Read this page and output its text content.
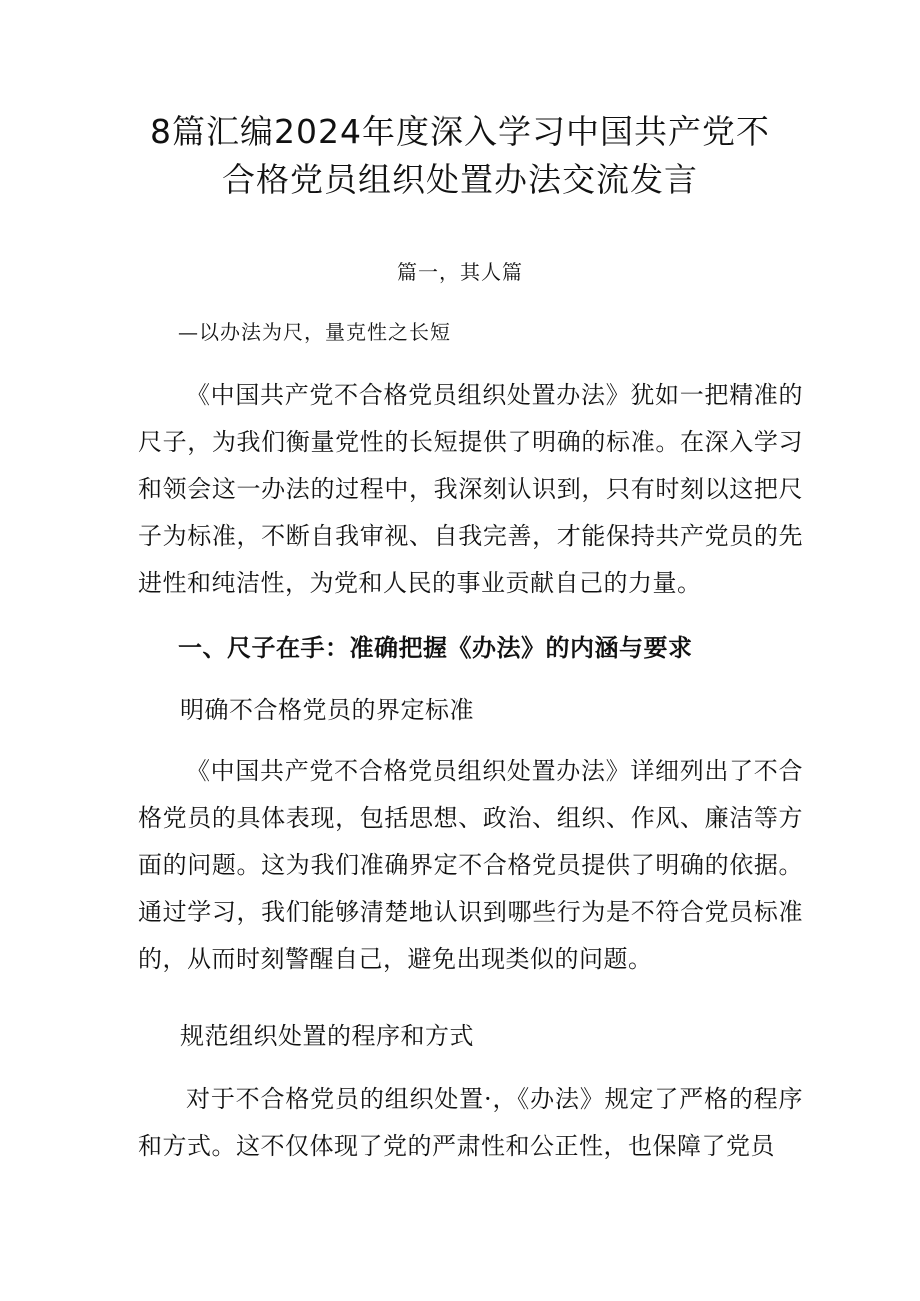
8篇汇编2024年度深入学习中国共产党不
合格党员组织处置办法交流发言

篇一，其人篇

—以办法为尺，量克性之长短

《中国共产党不合格党员组织处置办法》犹如一把精准的尺子，为我们衡量党性的长短提供了明确的标准。在深入学习和领会这一办法的过程中，我深刻认识到，只有时刻以这把尺子为标准，不断自我审视、自我完善，才能保持共产党员的先进性和纯洁性，为党和人民的事业贡献自己的力量。

一、尺子在手：准确把握《办法》的内涵与要求

明确不合格党员的界定标准

《中国共产党不合格党员组织处置办法》详细列出了不合格党员的具体表现，包括思想、政治、组织、作风、廉洁等方面的问题。这为我们准确界定不合格党员提供了明确的依据。通过学习，我们能够清楚地认识到哪些行为是不符合党员标准的，从而时刻警醒自己，避免出现类似的问题。

规范组织处置的程序和方式

对于不合格党员的组织处置·，《办法》规定了严格的程序和方式。这不仅体现了党的严肃性和公正性，也保障了党员
